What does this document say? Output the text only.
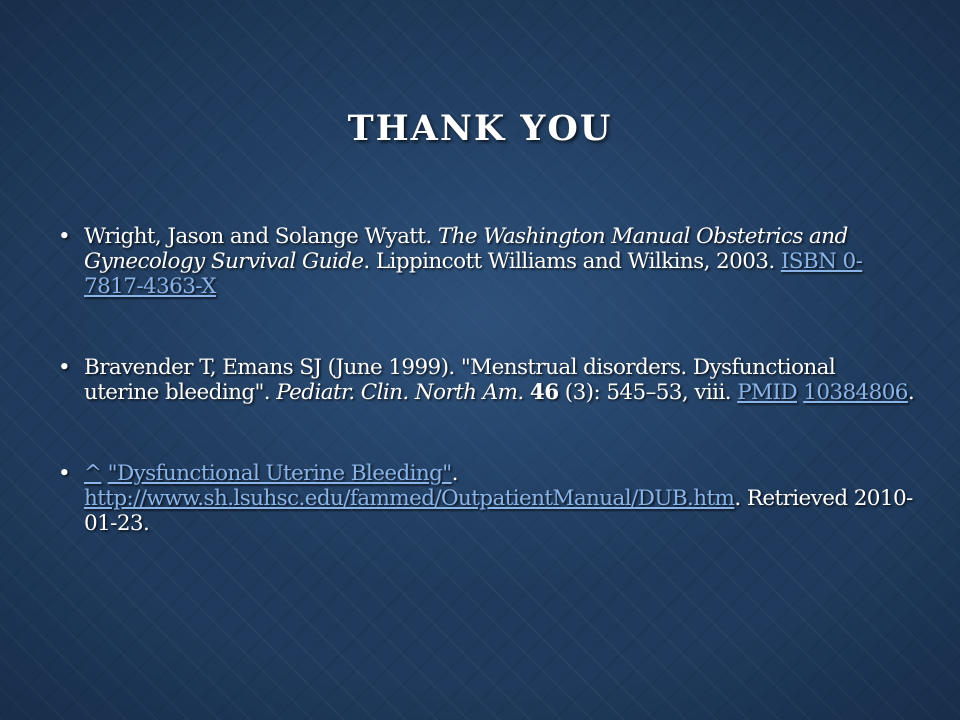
THANK YOU
• Wright, Jason and Solange Wyatt. The Washington Manual Obstetrics and Gynecology Survival Guide. Lippincott Williams and Wilkins, 2003. ISBN 0-7817-4363-X
• Bravender T, Emans SJ (June 1999). "Menstrual disorders. Dysfunctional uterine bleeding". Pediatr. Clin. North Am. 46 (3): 545–53, viii. PMID 10384806.
• ^ "Dysfunctional Uterine Bleeding". http://www.sh.lsuhsc.edu/fammed/OutpatientManual/DUB.htm. Retrieved 2010-01-23.
